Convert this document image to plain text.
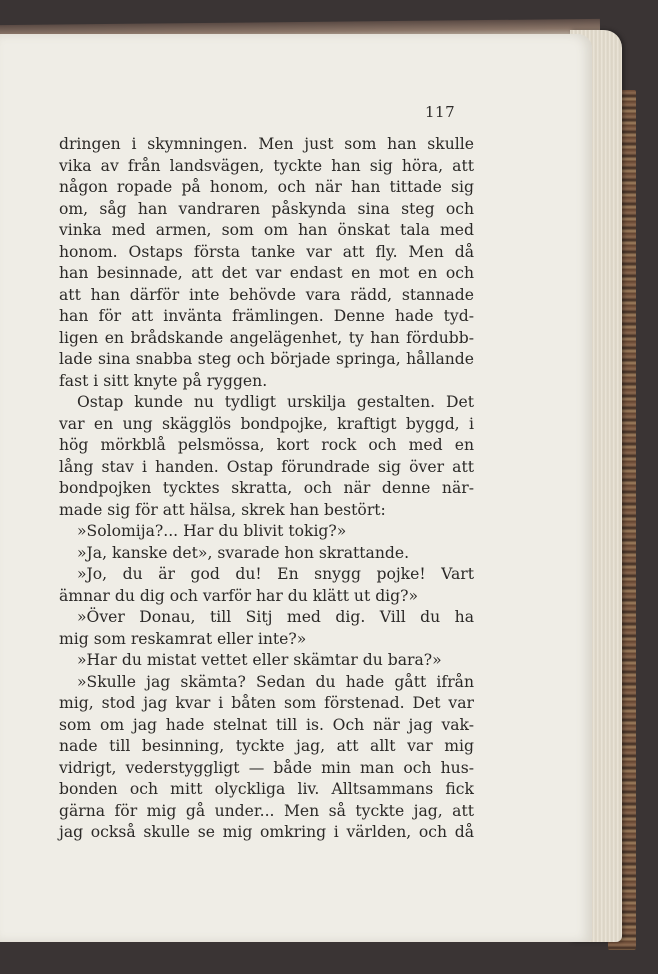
117
dringen i skymningen. Men just som han skulle
vika av från landsvägen, tyckte han sig höra, att
någon ropade på honom, och när han tittade sig
om, såg han vandraren påskynda sina steg och
vinka med armen, som om han önskat tala med
honom. Ostaps första tanke var att fly. Men då
han besinnade, att det var endast en mot en och
att han därför inte behövde vara rädd, stannade
han för att invänta främlingen. Denne hade tyd-
ligen en brådskande angelägenhet, ty han fördubb-
lade sina snabba steg och började springa, hållande
fast i sitt knyte på ryggen.
Ostap kunde nu tydligt urskilja gestalten. Det
var en ung skägglös bondpojke, kraftigt byggd, i
hög mörkblå pelsmössa, kort rock och med en
lång stav i handen. Ostap förundrade sig över att
bondpojken tycktes skratta, och när denne när-
made sig för att hälsa, skrek han bestört:
»Solomija?... Har du blivit tokig?»
»Ja, kanske det», svarade hon skrattande.
»Jo, du är god du! En snygg pojke! Vart
ämnar du dig och varför har du klätt ut dig?»
»Över Donau, till Sitj med dig. Vill du ha
mig som reskamrat eller inte?»
»Har du mistat vettet eller skämtar du bara?»
»Skulle jag skämta? Sedan du hade gått ifrån
mig, stod jag kvar i båten som förstenad. Det var
som om jag hade stelnat till is. Och när jag vak-
nade till besinning, tyckte jag, att allt var mig
vidrigt, vederstyggligt — både min man och hus-
bonden och mitt olyckliga liv. Alltsammans fick
gärna för mig gå under... Men så tyckte jag, att
jag också skulle se mig omkring i världen, och då
